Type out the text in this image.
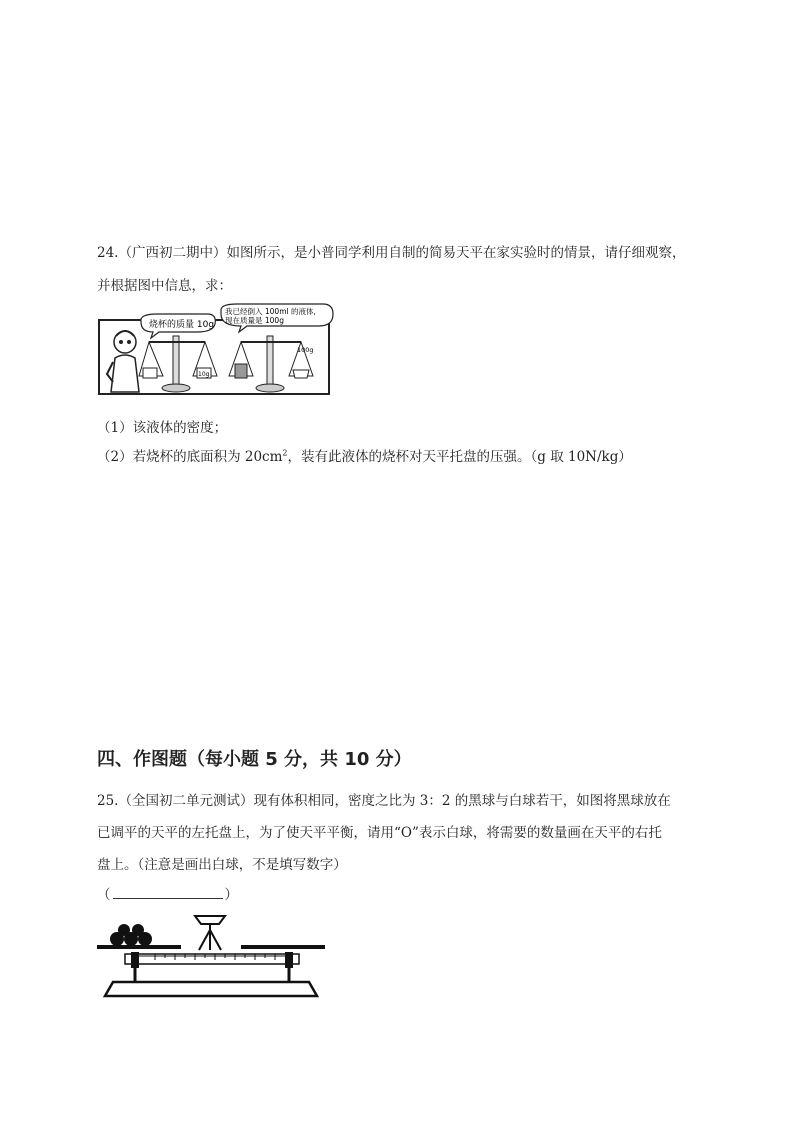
24.（广西初二期中）如图所示，是小普同学利用自制的简易天平在家实验时的情景，请仔细观察，
并根据图中信息，求：
烧杯的质量 10g
10g
我已经倒入 100ml 的液体,
现在质量是 100g
100g
（1）该液体的密度；
（2）若烧杯的底面积为 $20cm^2$，装有此液体的烧杯对天平托盘的压强。（g 取 10N/kg）
四、作图题（每小题 5 分，共 10 分）
25.（全国初二单元测试）现有体积相同，密度之比为 3：2 的黑球与白球若干，如图将黑球放在
已调平的天平的左托盘上，为了使天平平衡，请用“O”表示白球，将需要的数量画在天平的右托
盘上。（注意是画出白球，不是填写数字）
（	）
